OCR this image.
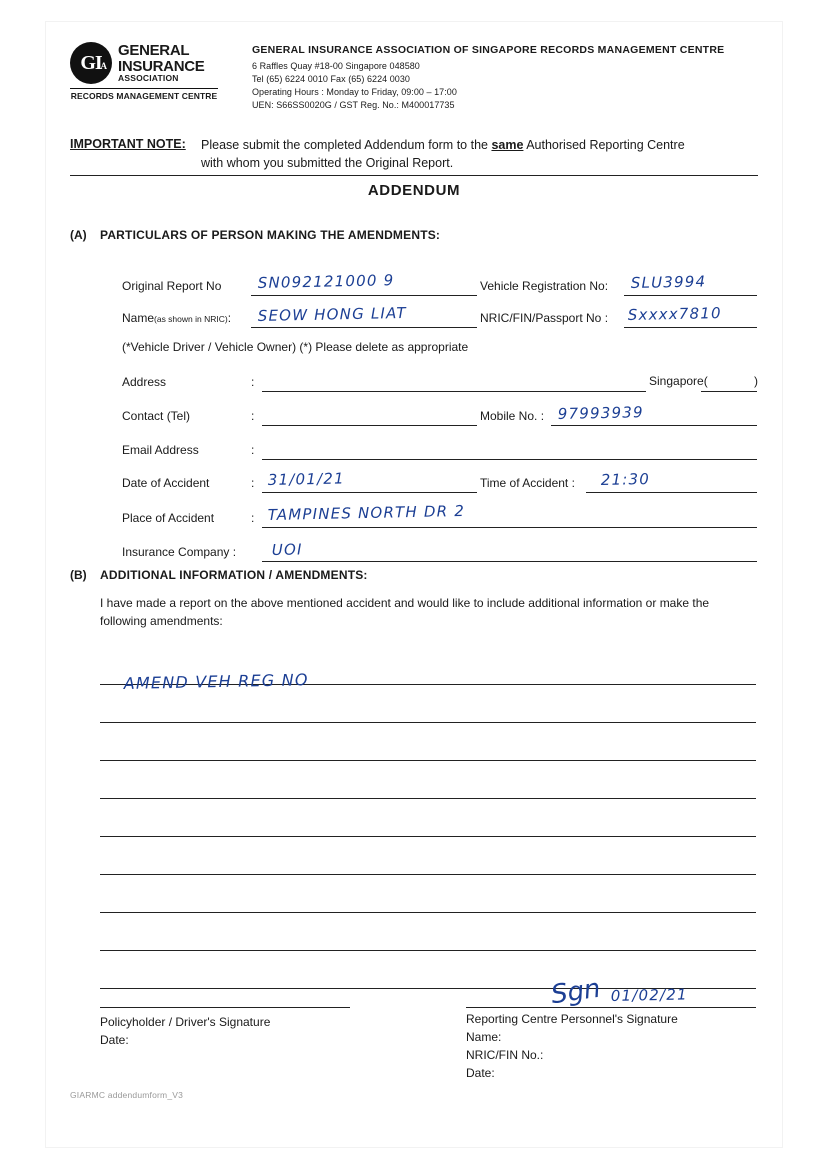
GI
A
GENERAL
INSURANCE
ASSOCIATION
RECORDS MANAGEMENT CENTRE
GENERAL INSURANCE ASSOCIATION OF SINGAPORE RECORDS MANAGEMENT CENTRE
6 Raffles Quay #18-00 Singapore 048580
Tel (65) 6224 0010 Fax (65) 6224 0030
Operating Hours : Monday to Friday, 09:00 – 17:00
UEN: S66SS0020G / GST Reg. No.: M400017735
IMPORTANT NOTE: Please submit the completed Addendum form to the same Authorised Reporting Centre
with whom you submitted the Original Report.
ADDENDUM
(A) PARTICULARS OF PERSON MAKING THE AMENDMENTS:
Original Report No SN092121000 9	Vehicle Registration No: SLU3994
Name(as shown in NRIC): SEOW HONG LIAT	NRIC/FIN/Passport No : Sxxxx7810
(*Vehicle Driver / Vehicle Owner) (*) Please delete as appropriate
Address	:	Singapore(	)
Contact (Tel)	:	Mobile No. : 97993939
Email Address	:
Date of Accident	: 31/01/21	Time of Accident : 21:30
Place of Accident	: TAMPINES NORTH DR 2
Insurance Company : UOI
(B) ADDITIONAL INFORMATION / AMENDMENTS:
I have made a report on the above mentioned accident and would like to include additional information or make the following amendments:
AMEND VEH REG NO
Sgn 01/02/21
Policyholder / Driver's Signature
Date:
Reporting Centre Personnel's Signature
Name:
NRIC/FIN No.:
Date:
GIARMC addendumform_V3
